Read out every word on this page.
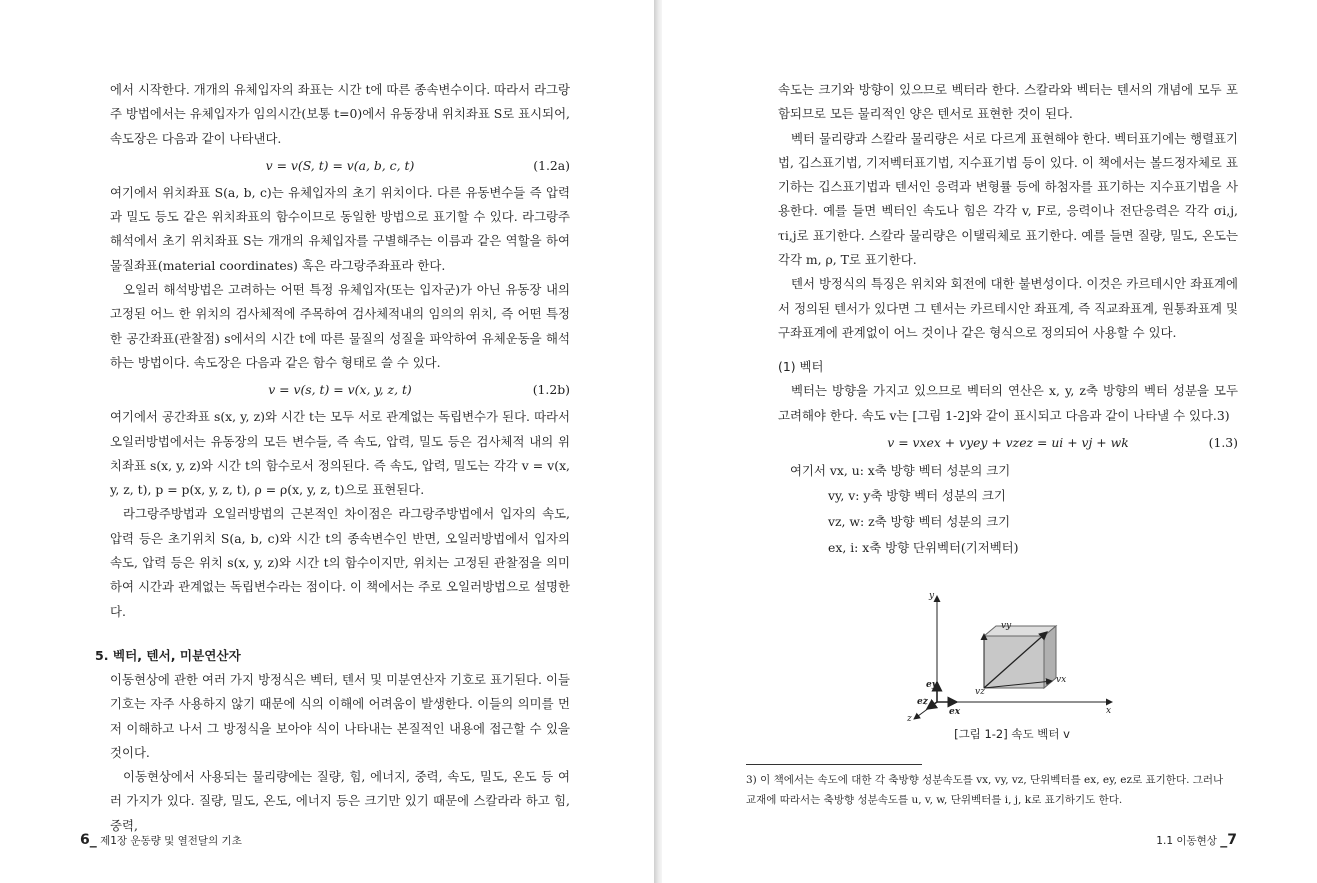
에서 시작한다. 개개의 유체입자의 좌표는 시간 t에 따른 종속변수이다. 따라서 라그랑주 방법에서는 유체입자가 임의시간(보통 t=0)에서 유동장내 위치좌표 S로 표시되어, 속도장은 다음과 같이 나타낸다.

v = v(S, t) = v(a, b, c, t)	(1.2a)

여기에서 위치좌표 S(a, b, c)는 유체입자의 초기 위치이다. 다른 유동변수들 즉 압력과 밀도 등도 같은 위치좌표의 함수이므로 동일한 방법으로 표기할 수 있다. 라그랑주 해석에서 초기 위치좌표 S는 개개의 유체입자를 구별해주는 이름과 같은 역할을 하여 물질좌표(material coordinates) 혹은 라그랑주좌표라 한다.

오일러 해석방법은 고려하는 어떤 특정 유체입자(또는 입자군)가 아닌 유동장 내의 고정된 어느 한 위치의 검사체적에 주목하여 검사체적내의 임의의 위치, 즉 어떤 특정한 공간좌표(관찰점) s에서의 시간 t에 따른 물질의 성질을 파악하여 유체운동을 해석하는 방법이다. 속도장은 다음과 같은 함수 형태로 쓸 수 있다.

v = v(s, t) = v(x, y, z, t)	(1.2b)

여기에서 공간좌표 s(x, y, z)와 시간 t는 모두 서로 관계없는 독립변수가 된다. 따라서 오일러방법에서는 유동장의 모든 변수들, 즉 속도, 압력, 밀도 등은 검사체적 내의 위치좌표 s(x, y, z)와 시간 t의 함수로서 정의된다. 즉 속도, 압력, 밀도는 각각 v = v(x, y, z, t), p = p(x, y, z, t), ρ = ρ(x, y, z, t)으로 표현된다.

라그랑주방법과 오일러방법의 근본적인 차이점은 라그랑주방법에서 입자의 속도, 압력 등은 초기위치 S(a, b, c)와 시간 t의 종속변수인 반면, 오일러방법에서 입자의 속도, 압력 등은 위치 s(x, y, z)와 시간 t의 함수이지만, 위치는 고정된 관찰점을 의미하여 시간과 관계없는 독립변수라는 점이다. 이 책에서는 주로 오일러방법으로 설명한다.

5. 벡터, 텐서, 미분연산자

이동현상에 관한 여러 가지 방정식은 벡터, 텐서 및 미분연산자 기호로 표기된다. 이들 기호는 자주 사용하지 않기 때문에 식의 이해에 어려움이 발생한다. 이들의 의미를 먼저 이해하고 나서 그 방정식을 보아야 식이 나타내는 본질적인 내용에 접근할 수 있을 것이다.

이동현상에서 사용되는 물리량에는 질량, 힘, 에너지, 중력, 속도, 밀도, 온도 등 여러 가지가 있다. 질량, 밀도, 온도, 에너지 등은 크기만 있기 때문에 스칼라라 하고 힘, 중력,

6_ 제1장 운동량 및 열전달의 기초

속도는 크기와 방향이 있으므로 벡터라 한다. 스칼라와 벡터는 텐서의 개념에 모두 포함되므로 모든 물리적인 양은 텐서로 표현한 것이 된다.

벡터 물리량과 스칼라 물리량은 서로 다르게 표현해야 한다. 벡터표기에는 행렬표기법, 깁스표기법, 기저벡터표기법, 지수표기법 등이 있다. 이 책에서는 볼드정자체로 표기하는 깁스표기법과 텐서인 응력과 변형률 등에 하첨자를 표기하는 지수표기법을 사용한다. 예를 들면 벡터인 속도나 힘은 각각 v, F로, 응력이나 전단응력은 각각 σi,j, τi,j로 표기한다. 스칼라 물리량은 이탤릭체로 표기한다. 예를 들면 질량, 밀도, 온도는 각각 m, ρ, T로 표기한다.

텐서 방정식의 특징은 위치와 회전에 대한 불변성이다. 이것은 카르테시안 좌표계에서 정의된 텐서가 있다면 그 텐서는 카르테시안 좌표계, 즉 직교좌표계, 원통좌표계 및 구좌표계에 관계없이 어느 것이나 같은 형식으로 정의되어 사용할 수 있다.

(1) 벡터

벡터는 방향을 가지고 있으므로 벡터의 연산은 x, y, z축 방향의 벡터 성분을 모두 고려해야 한다. 속도 v는 [그림 1-2]와 같이 표시되고 다음과 같이 나타낼 수 있다.3)

v = vxex + vyey + vzez = ui + vj + wk	(1.3)
여기서 vx, u: x축 방향 벡터 성분의 크기
vy, v: y축 방향 벡터 성분의 크기
vz, w: z축 방향 벡터 성분의 크기
ex, i: x축 방향 단위벡터(기저벡터)
y
x
z
vy
vx
vz
ey
ex
ez
[그림 1-2] 속도 벡터 v
3) 이 책에서는 속도에 대한 각 축방향 성분속도를 vx, vy, vz, 단위벡터를 ex, ey, ez로 표기한다. 그러나 교재에 따라서는 축방향 성분속도를 u, v, w, 단위벡터를 i, j, k로 표기하기도 한다.
1.1 이동현상 _7
